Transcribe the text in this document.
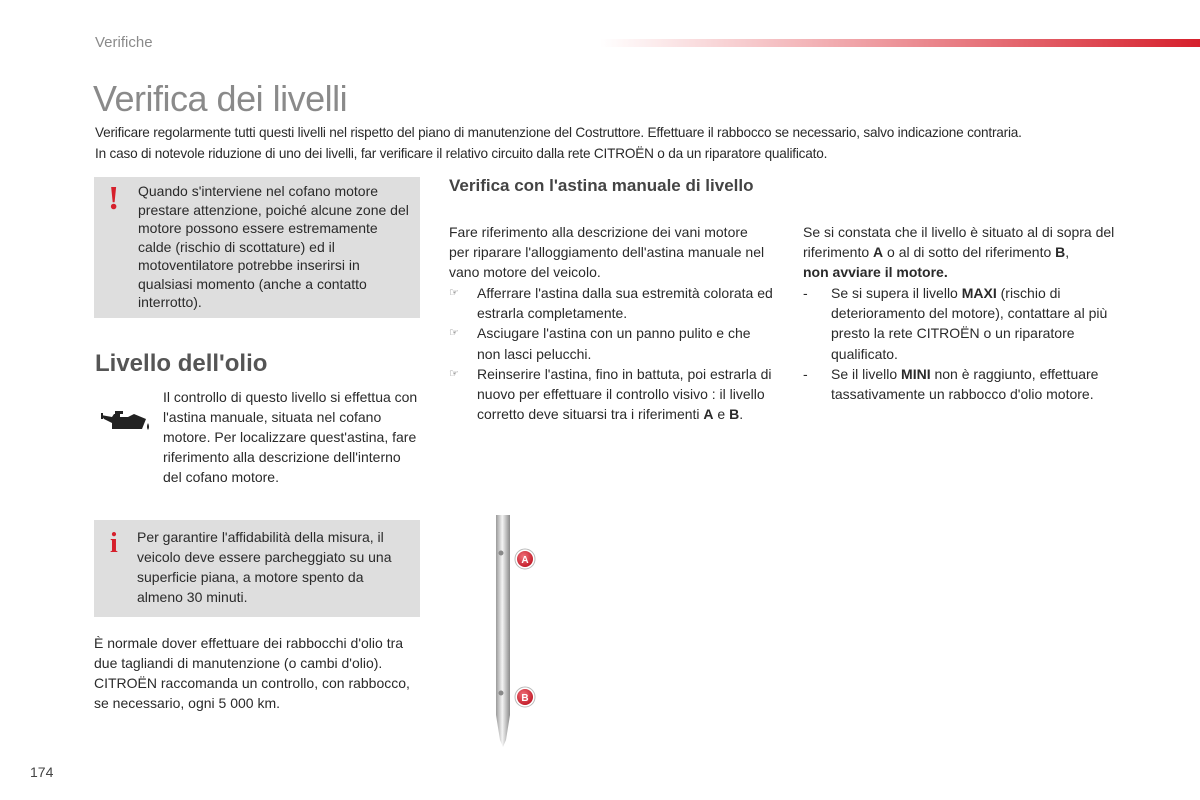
Verifiche
Verifica dei livelli
Verificare regolarmente tutti questi livelli nel rispetto del piano di manutenzione del Costruttore. Effettuare il rabbocco se necessario, salvo indicazione contraria.
In caso di notevole riduzione di uno dei livelli, far verificare il relativo circuito dalla rete CITROËN o da un riparatore qualificato.
! Quando s'interviene nel cofano motore prestare attenzione, poiché alcune zone del motore possono essere estremamente calde (rischio di scottature) ed il motoventilatore potrebbe inserirsi in qualsiasi momento (anche a contatto interrotto).
Livello dell'olio
Il controllo di questo livello si effettua con l'astina manuale, situata nel cofano motore. Per localizzare quest'astina, fare riferimento alla descrizione dell'interno del cofano motore.
i Per garantire l'affidabilità della misura, il veicolo deve essere parcheggiato su una superficie piana, a motore spento da almeno 30 minuti.
È normale dover effettuare dei rabbocchi d'olio tra due tagliandi di manutenzione (o cambi d'olio). CITROËN raccomanda un controllo, con rabbocco, se necessario, ogni 5 000 km.
Verifica con l'astina manuale di livello
Fare riferimento alla descrizione dei vani motore per riparare l'alloggiamento dell'astina manuale nel vano motore del veicolo.
☞ Afferrare l'astina dalla sua estremità colorata ed estrarla completamente.
☞ Asciugare l'astina con un panno pulito e che non lasci pelucchi.
☞ Reinserire l'astina, fino in battuta, poi estrarla di nuovo per effettuare il controllo visivo : il livello corretto deve situarsi tra i riferimenti A e B.
Se si constata che il livello è situato al di sopra del riferimento A o al di sotto del riferimento B,
non avviare il motore.
- Se si supera il livello MAXI (rischio di deterioramento del motore), contattare al più presto la rete CITROËN o un riparatore qualificato.
- Se il livello MINI non è raggiunto, effettuare tassativamente un rabbocco d'olio motore.
A
B
174
